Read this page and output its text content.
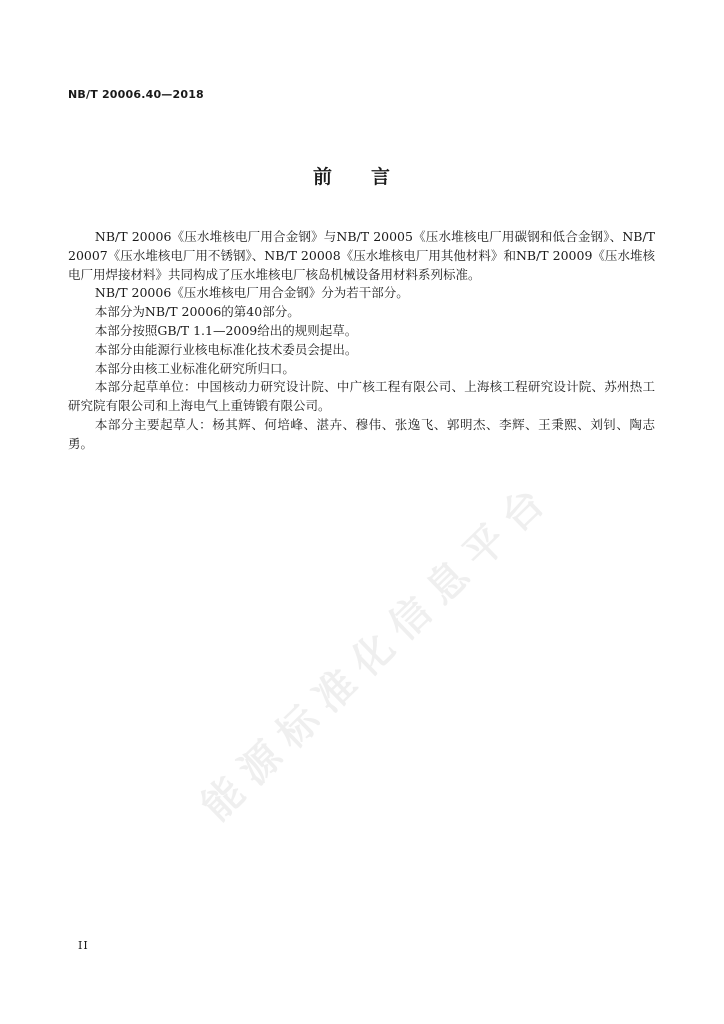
能源标准化信息平台
NB/T 20006.40—2018
前　言

NB/T 20006《压水堆核电厂用合金钢》与NB/T 20005《压水堆核电厂用碳钢和低合金钢》、NB/T 20007《压水堆核电厂用不锈钢》、NB/T 20008《压水堆核电厂用其他材料》和NB/T 20009《压水堆核电厂用焊接材料》共同构成了压水堆核电厂核岛机械设备用材料系列标准。

NB/T 20006《压水堆核电厂用合金钢》分为若干部分。

本部分为NB/T 20006的第40部分。

本部分按照GB/T 1.1—2009给出的规则起草。

本部分由能源行业核电标准化技术委员会提出。

本部分由核工业标准化研究所归口。

本部分起草单位：中国核动力研究设计院、中广核工程有限公司、上海核工程研究设计院、苏州热工研究院有限公司和上海电气上重铸锻有限公司。

本部分主要起草人：杨其辉、何培峰、湛卉、穆伟、张逸飞、郭明杰、李辉、王秉熙、刘钊、陶志勇。

II
